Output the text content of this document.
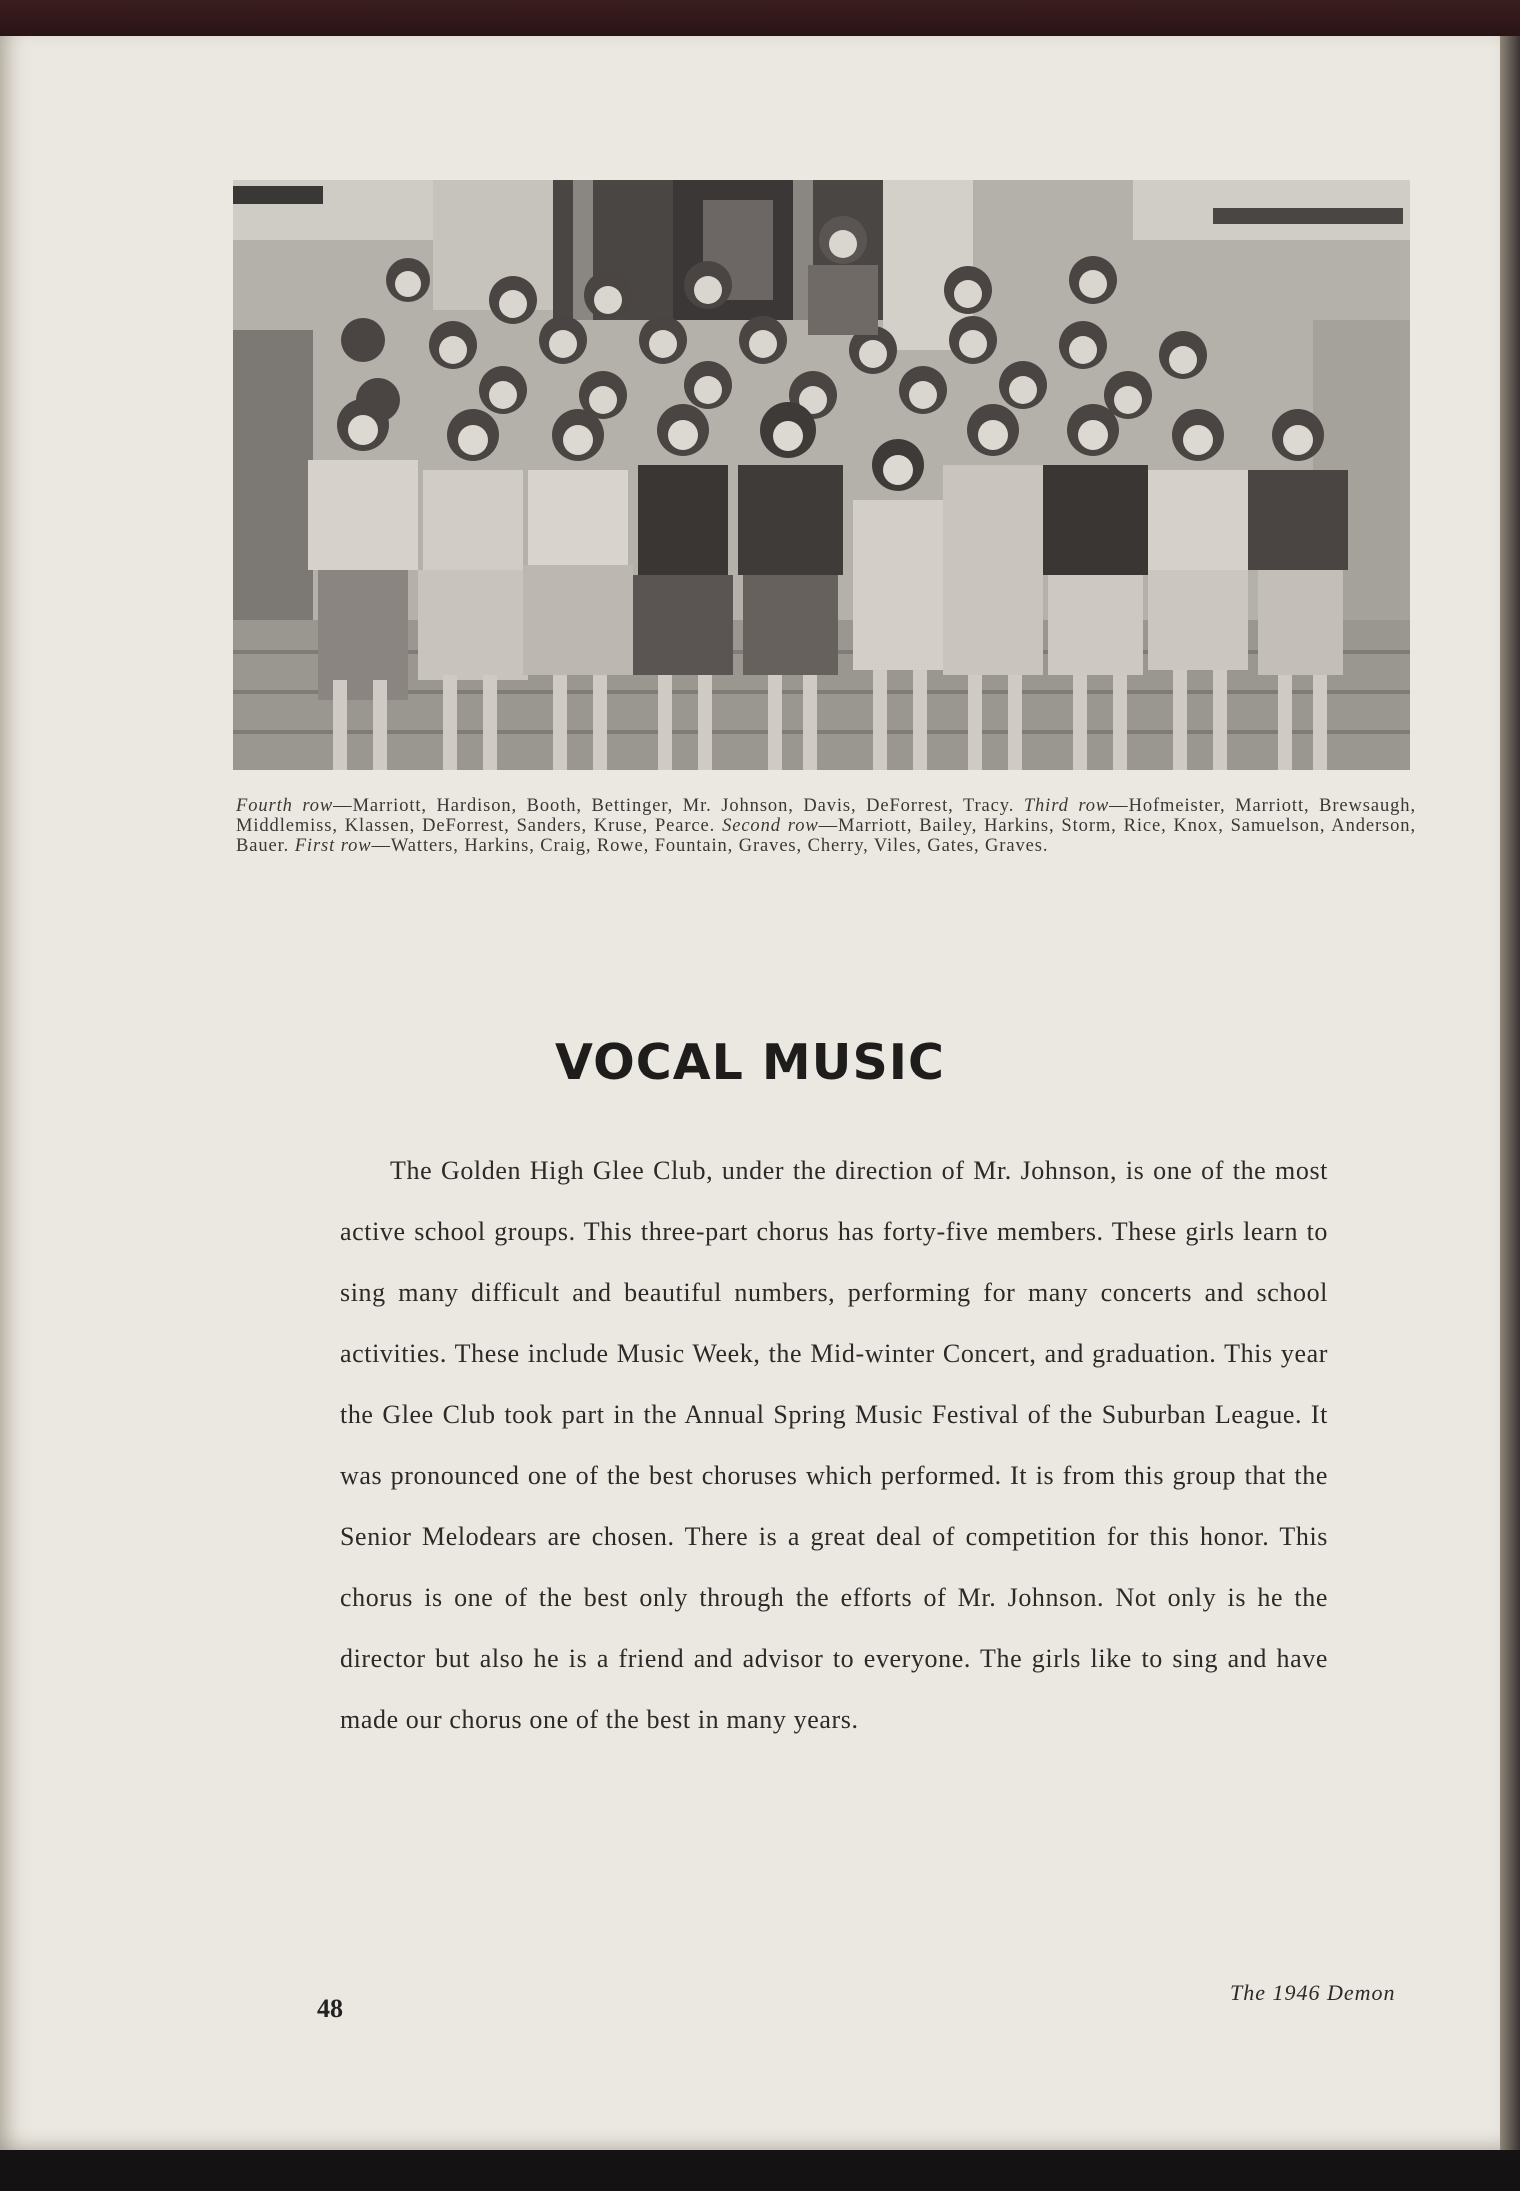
Fourth row—Marriott, Hardison, Booth, Bettinger, Mr. Johnson, Davis, DeForrest, Tracy. Third row—Hofmeister, Marriott, Brewsaugh, Middlemiss, Klassen, DeForrest, Sanders, Kruse, Pearce. Second row—Marriott, Bailey, Harkins, Storm, Rice, Knox, Samuelson, Anderson, Bauer. First row—Watters, Harkins, Craig, Rowe, Fountain, Graves, Cherry, Viles, Gates, Graves.
VOCAL MUSIC
The Golden High Glee Club, under the direction of Mr. Johnson, is one of the most active school groups. This three-part chorus has forty-five members. These girls learn to sing many difficult and beautiful numbers, performing for many concerts and school activities. These include Music Week, the Mid-winter Concert, and graduation. This year the Glee Club took part in the Annual Spring Music Festival of the Suburban League. It was pronounced one of the best choruses which performed. It is from this group that the Senior Melodears are chosen. There is a great deal of competition for this honor. This chorus is one of the best only through the efforts of Mr. Johnson. Not only is he the director but also he is a friend and advisor to everyone. The girls like to sing and have made our chorus one of the best in many years.
48
The 1946 Demon
